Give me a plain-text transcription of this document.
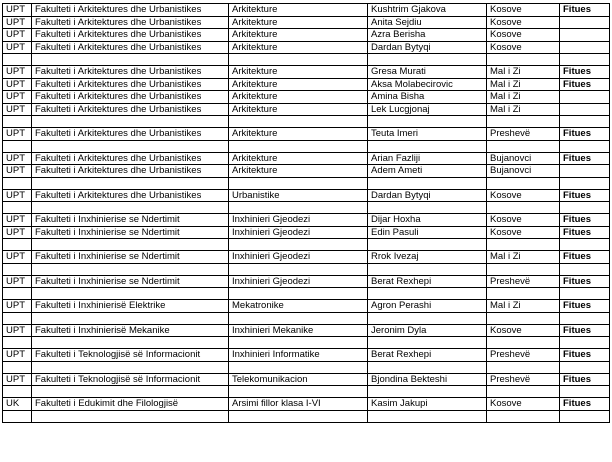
UPT	Fakulteti i Arkitektures dhe Urbanistikes	Arkitekture	Kushtrim Gjakova	Kosove	Fitues
UPT	Fakulteti i Arkitektures dhe Urbanistikes	Arkitekture	Anita Sejdiu	Kosove	
UPT	Fakulteti i Arkitektures dhe Urbanistikes	Arkitekture	Azra Berisha	Kosove	
UPT	Fakulteti i Arkitektures dhe Urbanistikes	Arkitekture	Dardan Bytyqi	Kosove	

UPT	Fakulteti i Arkitektures dhe Urbanistikes	Arkitekture	Gresa Murati	Mal i Zi	Fitues
UPT	Fakulteti i Arkitektures dhe Urbanistikes	Arkitekture	Aksa Molabecirovic	Mal i Zi	Fitues
UPT	Fakulteti i Arkitektures dhe Urbanistikes	Arkitekture	Amina Bisha	Mal i Zi	
UPT	Fakulteti i Arkitektures dhe Urbanistikes	Arkitekture	Lek Lucgjonaj	Mal i Zi	

UPT	Fakulteti i Arkitektures dhe Urbanistikes	Arkitekture	Teuta Imeri	Preshevë	Fitues

UPT	Fakulteti i Arkitektures dhe Urbanistikes	Arkitekture	Arian Fazliji	Bujanovci	Fitues
UPT	Fakulteti i Arkitektures dhe Urbanistikes	Arkitekture	Adem Ameti	Bujanovci	

UPT	Fakulteti i Arkitektures dhe Urbanistikes	Urbanistike	Dardan Bytyqi	Kosove	Fitues

UPT	Fakulteti i Inxhinierise se Ndertimit	Inxhinieri Gjeodezi	Dijar Hoxha	Kosove	Fitues
UPT	Fakulteti i Inxhinierise se Ndertimit	Inxhinieri Gjeodezi	Edin Pasuli	Kosove	Fitues

UPT	Fakulteti i Inxhinierise se Ndertimit	Inxhinieri Gjeodezi	Rrok Ivezaj	Mal i Zi	Fitues

UPT	Fakulteti i Inxhinierise se Ndertimit	Inxhinieri Gjeodezi	Berat Rexhepi	Preshevë	Fitues

UPT	Fakulteti i Inxhinierisë Elektrike	Mekatronike	Agron Perashi	Mal i Zi	Fitues

UPT	Fakulteti i Inxhinierisë Mekanike	Inxhinieri Mekanike	Jeronim Dyla	Kosove	Fitues

UPT	Fakulteti i Teknologjisë së Informacionit	Inxhinieri Informatike	Berat Rexhepi	Preshevë	Fitues

UPT	Fakulteti i Teknologjisë së Informacionit	Telekomunikacion	Bjondina Bekteshi	Preshevë	Fitues

UK	Fakulteti i Edukimit dhe Filologjisë	Arsimi fillor klasa I-VI	Kasim Jakupi	Kosove	Fitues
